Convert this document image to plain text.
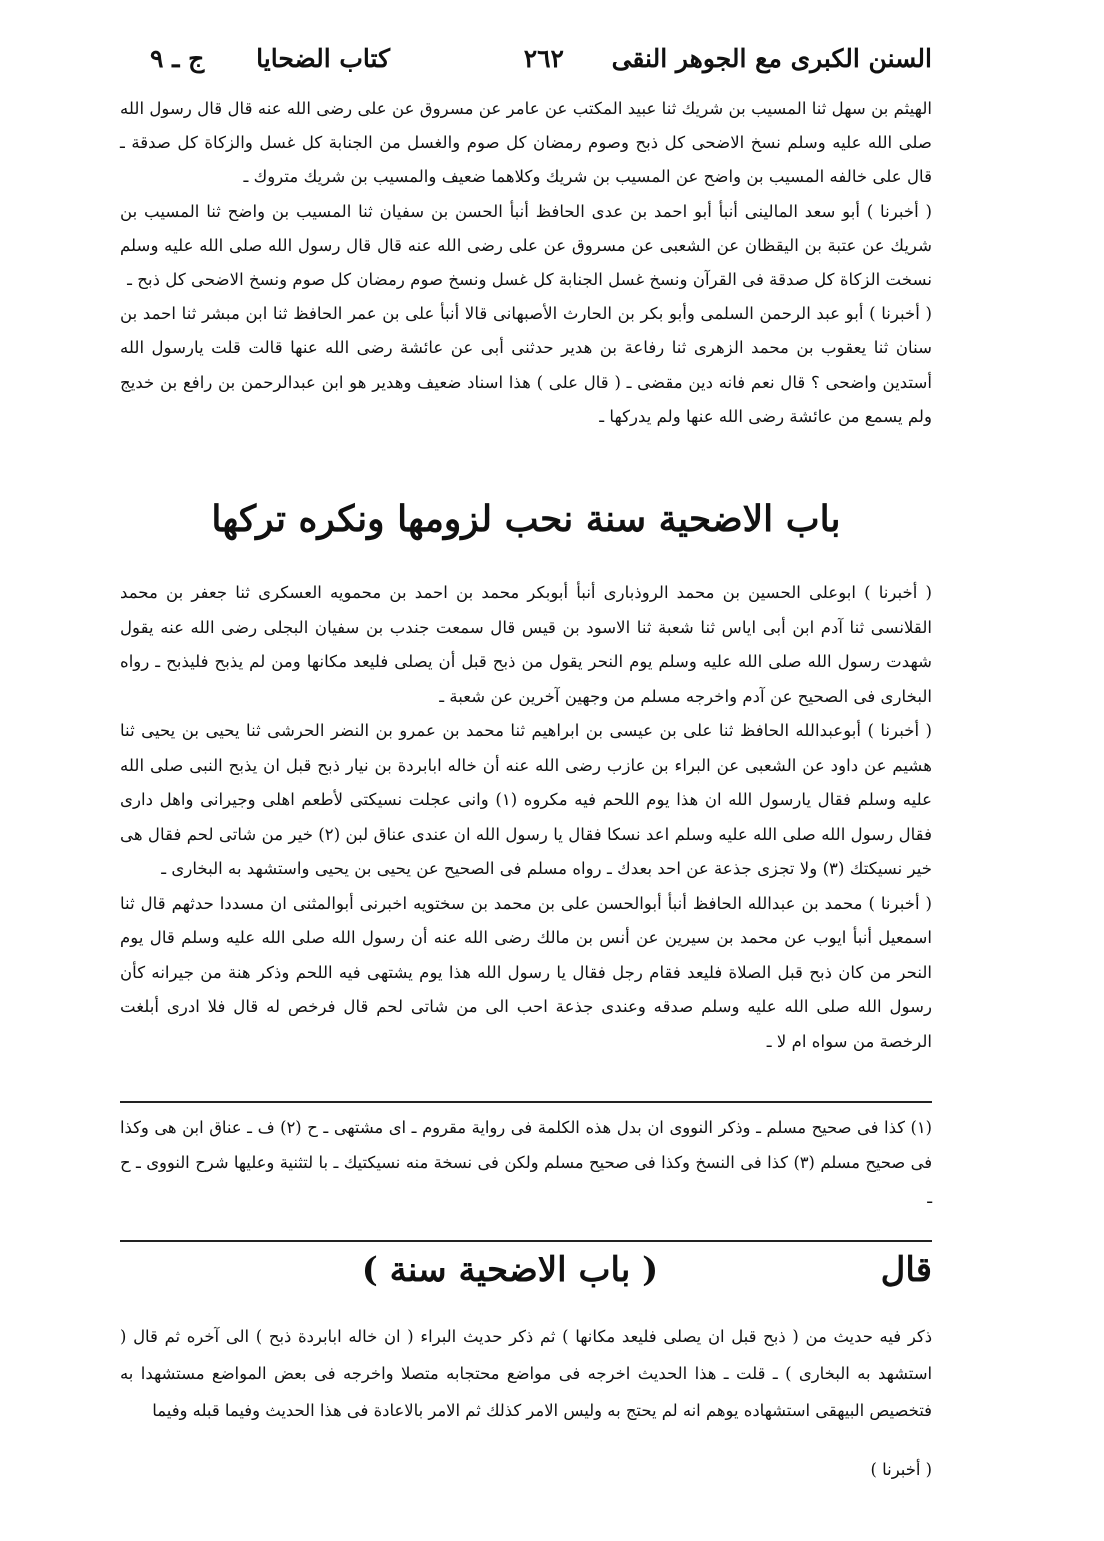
السنن الكبرى مع الجوهر النقى
٢٦٢
كتاب الضحايا
ج ـ ٩

الهيثم بن سهل ثنا المسيب بن شريك ثنا عبيد المكتب عن عامر عن مسروق عن على رضى الله عنه قال قال رسول الله صلى الله عليه وسلم نسخ الاضحى كل ذبح وصوم رمضان كل صوم والغسل من الجنابة كل غسل والزكاة كل صدقة ـ قال على خالفه المسيب بن واضح عن المسيب بن شريك وكلاهما ضعيف والمسيب بن شريك متروك ـ

( أخبرنا ) أبو سعد المالينى أنبأ أبو احمد بن عدى الحافظ أنبأ الحسن بن سفيان ثنا المسيب بن واضح ثنا المسيب بن شريك عن عتبة بن اليقظان عن الشعبى عن مسروق عن على رضى الله عنه قال قال رسول الله صلى الله عليه وسلم نسخت الزكاة كل صدقة فى القرآن ونسخ غسل الجنابة كل غسل ونسخ صوم رمضان كل صوم ونسخ الاضحى كل ذبح ـ

( أخبرنا ) أبو عبد الرحمن السلمى وأبو بكر بن الحارث الأصبهانى قالا أنبأ على بن عمر الحافظ ثنا ابن مبشر ثنا احمد بن سنان ثنا يعقوب بن محمد الزهرى ثنا رفاعة بن هدير حدثنى أبى عن عائشة رضى الله عنها قالت قلت يارسول الله أستدين واضحى ؟ قال نعم فانه دين مقضى ـ ( قال على ) هذا اسناد ضعيف وهدير هو ابن عبدالرحمن بن رافع بن خديج ولم يسمع من عائشة رضى الله عنها ولم يدركها ـ

باب الاضحية سنة نحب لزومها ونكره تركها

( أخبرنا ) ابوعلى الحسين بن محمد الروذبارى أنبأ أبوبكر محمد بن احمد بن محمويه العسكرى ثنا جعفر بن محمد القلانسى ثنا آدم ابن أبى اياس ثنا شعبة ثنا الاسود بن قيس قال سمعت جندب بن سفيان البجلى رضى الله عنه يقول شهدت رسول الله صلى الله عليه وسلم يوم النحر يقول من ذبح قبل أن يصلى فليعد مكانها ومن لم يذبح فليذبح ـ رواه البخارى فى الصحيح عن آدم واخرجه مسلم من وجهين آخرين عن شعبة ـ

( أخبرنا ) أبوعبدالله الحافظ ثنا على بن عيسى بن ابراهيم ثنا محمد بن عمرو بن النضر الحرشى ثنا يحيى بن يحيى ثنا هشيم عن داود عن الشعبى عن البراء بن عازب رضى الله عنه أن خاله ابابردة بن نيار ذبح قبل ان يذبح النبى صلى الله عليه وسلم فقال يارسول الله ان هذا يوم اللحم فيه مكروه (١) وانى عجلت نسيكتى لأطعم اهلى وجيرانى واهل دارى فقال رسول الله صلى الله عليه وسلم اعد نسكا فقال يا رسول الله ان عندى عناق لبن (٢) خير من شاتى لحم فقال هى خير نسيكتك (٣) ولا تجزى جذعة عن احد بعدك ـ رواه مسلم فى الصحيح عن يحيى بن يحيى واستشهد به البخارى ـ

( أخبرنا ) محمد بن عبدالله الحافظ أنبأ أبوالحسن على بن محمد بن سختويه اخبرنى أبوالمثنى ان مسددا حدثهم قال ثنا اسمعيل أنبأ ايوب عن محمد بن سيرين عن أنس بن مالك رضى الله عنه أن رسول الله صلى الله عليه وسلم قال يوم النحر من كان ذبح قبل الصلاة فليعد فقام رجل فقال يا رسول الله هذا يوم يشتهى فيه اللحم وذكر هنة من جيرانه كأن رسول الله صلى الله عليه وسلم صدقه وعندى جذعة احب الى من شاتى لحم قال فرخص له قال فلا ادرى أبلغت الرخصة من سواه ام لا ـ

(١) كذا فى صحيح مسلم ـ وذكر النووى ان بدل هذه الكلمة فى رواية مقروم ـ اى مشتهى ـ ح (٢) ف ـ عناق ابن هى وكذا فى صحيح مسلم (٣) كذا فى النسخ وكذا فى صحيح مسلم ولكن فى نسخة منه نسيكتيك ـ با لتثنية وعليها شرح النووى ـ ح ـ
قال
( باب الاضحية سنة )

ذكر فيه حديث من ( ذبح قبل ان يصلى فليعد مكانها ) ثم ذكر حديث البراء ( ان خاله ابابردة ذبح ) الى آخره ثم قال ( استشهد به البخارى ) ـ قلت ـ هذا الحديث اخرجه فى مواضع محتجابه متصلا واخرجه فى بعض المواضع مستشهدا به فتخصيص البيهقى استشهاده يوهم انه لم يحتج به وليس الامر كذلك ثم الامر بالاعادة فى هذا الحديث وفيما قبله وفيما

( أخبرنا )
